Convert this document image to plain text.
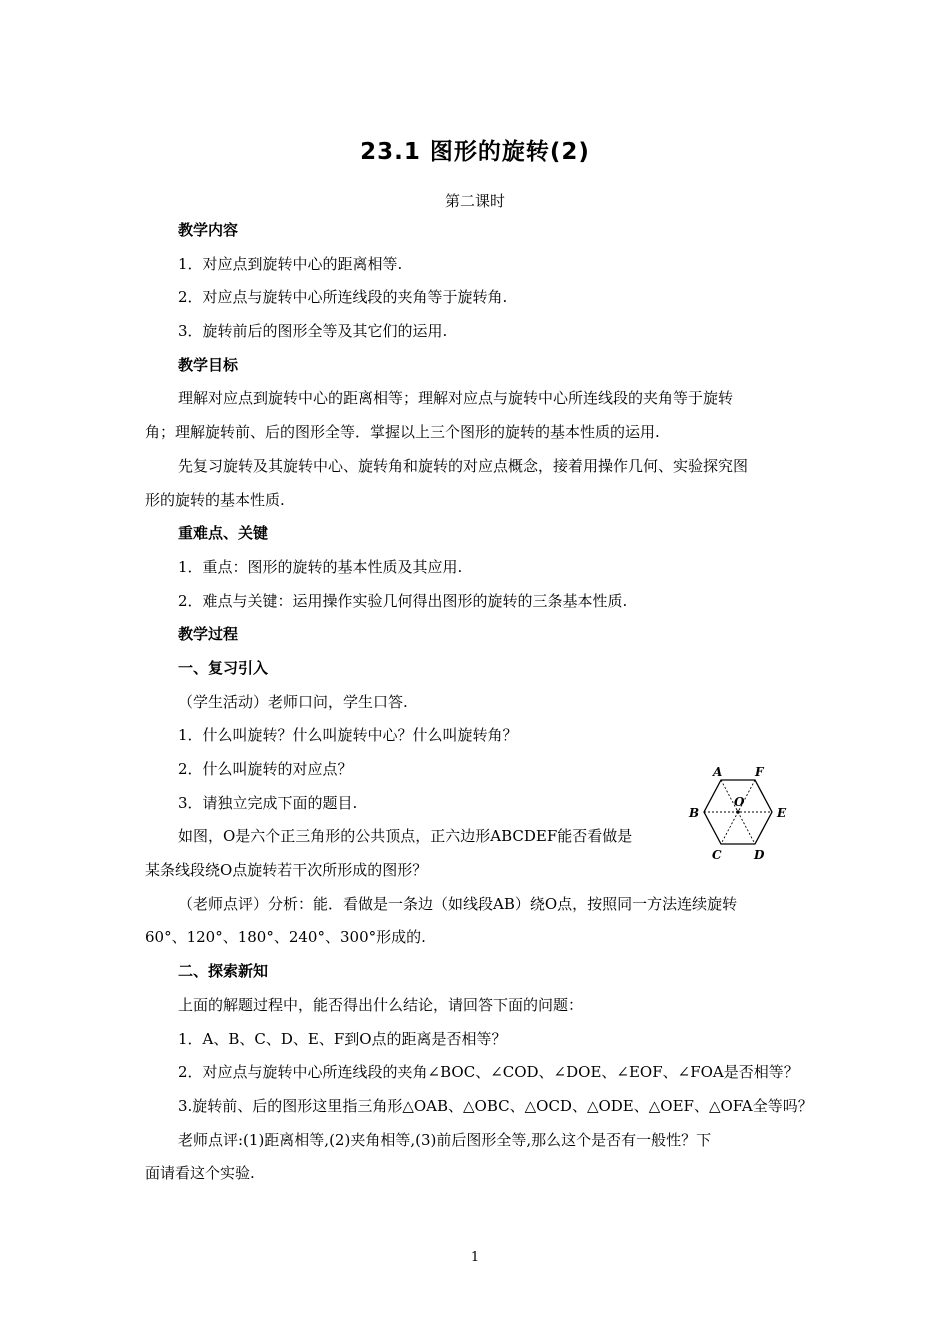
23.1 图形的旋转(2)
第二课时
教学内容
1．对应点到旋转中心的距离相等.
2．对应点与旋转中心所连线段的夹角等于旋转角.
3．旋转前后的图形全等及其它们的运用.
教学目标
理解对应点到旋转中心的距离相等；理解对应点与旋转中心所连线段的夹角等于旋转
角；理解旋转前、后的图形全等．掌握以上三个图形的旋转的基本性质的运用.
先复习旋转及其旋转中心、旋转角和旋转的对应点概念，接着用操作几何、实验探究图
形的旋转的基本性质.
重难点、关键
1．重点：图形的旋转的基本性质及其应用.
2．难点与关键：运用操作实验几何得出图形的旋转的三条基本性质.
教学过程
一、复习引入
（学生活动）老师口问，学生口答.
1．什么叫旋转？什么叫旋转中心？什么叫旋转角？
2．什么叫旋转的对应点？
3．请独立完成下面的题目.
如图，O是六个正三角形的公共顶点，正六边形ABCDEF能否看做是
某条线段绕O点旋转若干次所形成的图形？
（老师点评）分析：能．看做是一条边（如线段AB）绕O点，按照同一方法连续旋转
60°、120°、180°、240°、300°形成的.
二、探索新知
上面的解题过程中，能否得出什么结论，请回答下面的问题：
1．A、B、C、D、E、F到O点的距离是否相等？
2．对应点与旋转中心所连线段的夹角∠BOC、∠COD、∠DOE、∠EOF、∠FOA是否相等？
3.旋转前、后的图形这里指三角形△OAB、△OBC、△OCD、△ODE、△OEF、△OFA全等吗？
老师点评:(1)距离相等,(2)夹角相等,(3)前后图形全等,那么这个是否有一般性？下
面请看这个实验.
A	F
B	E
C	D
O
1
